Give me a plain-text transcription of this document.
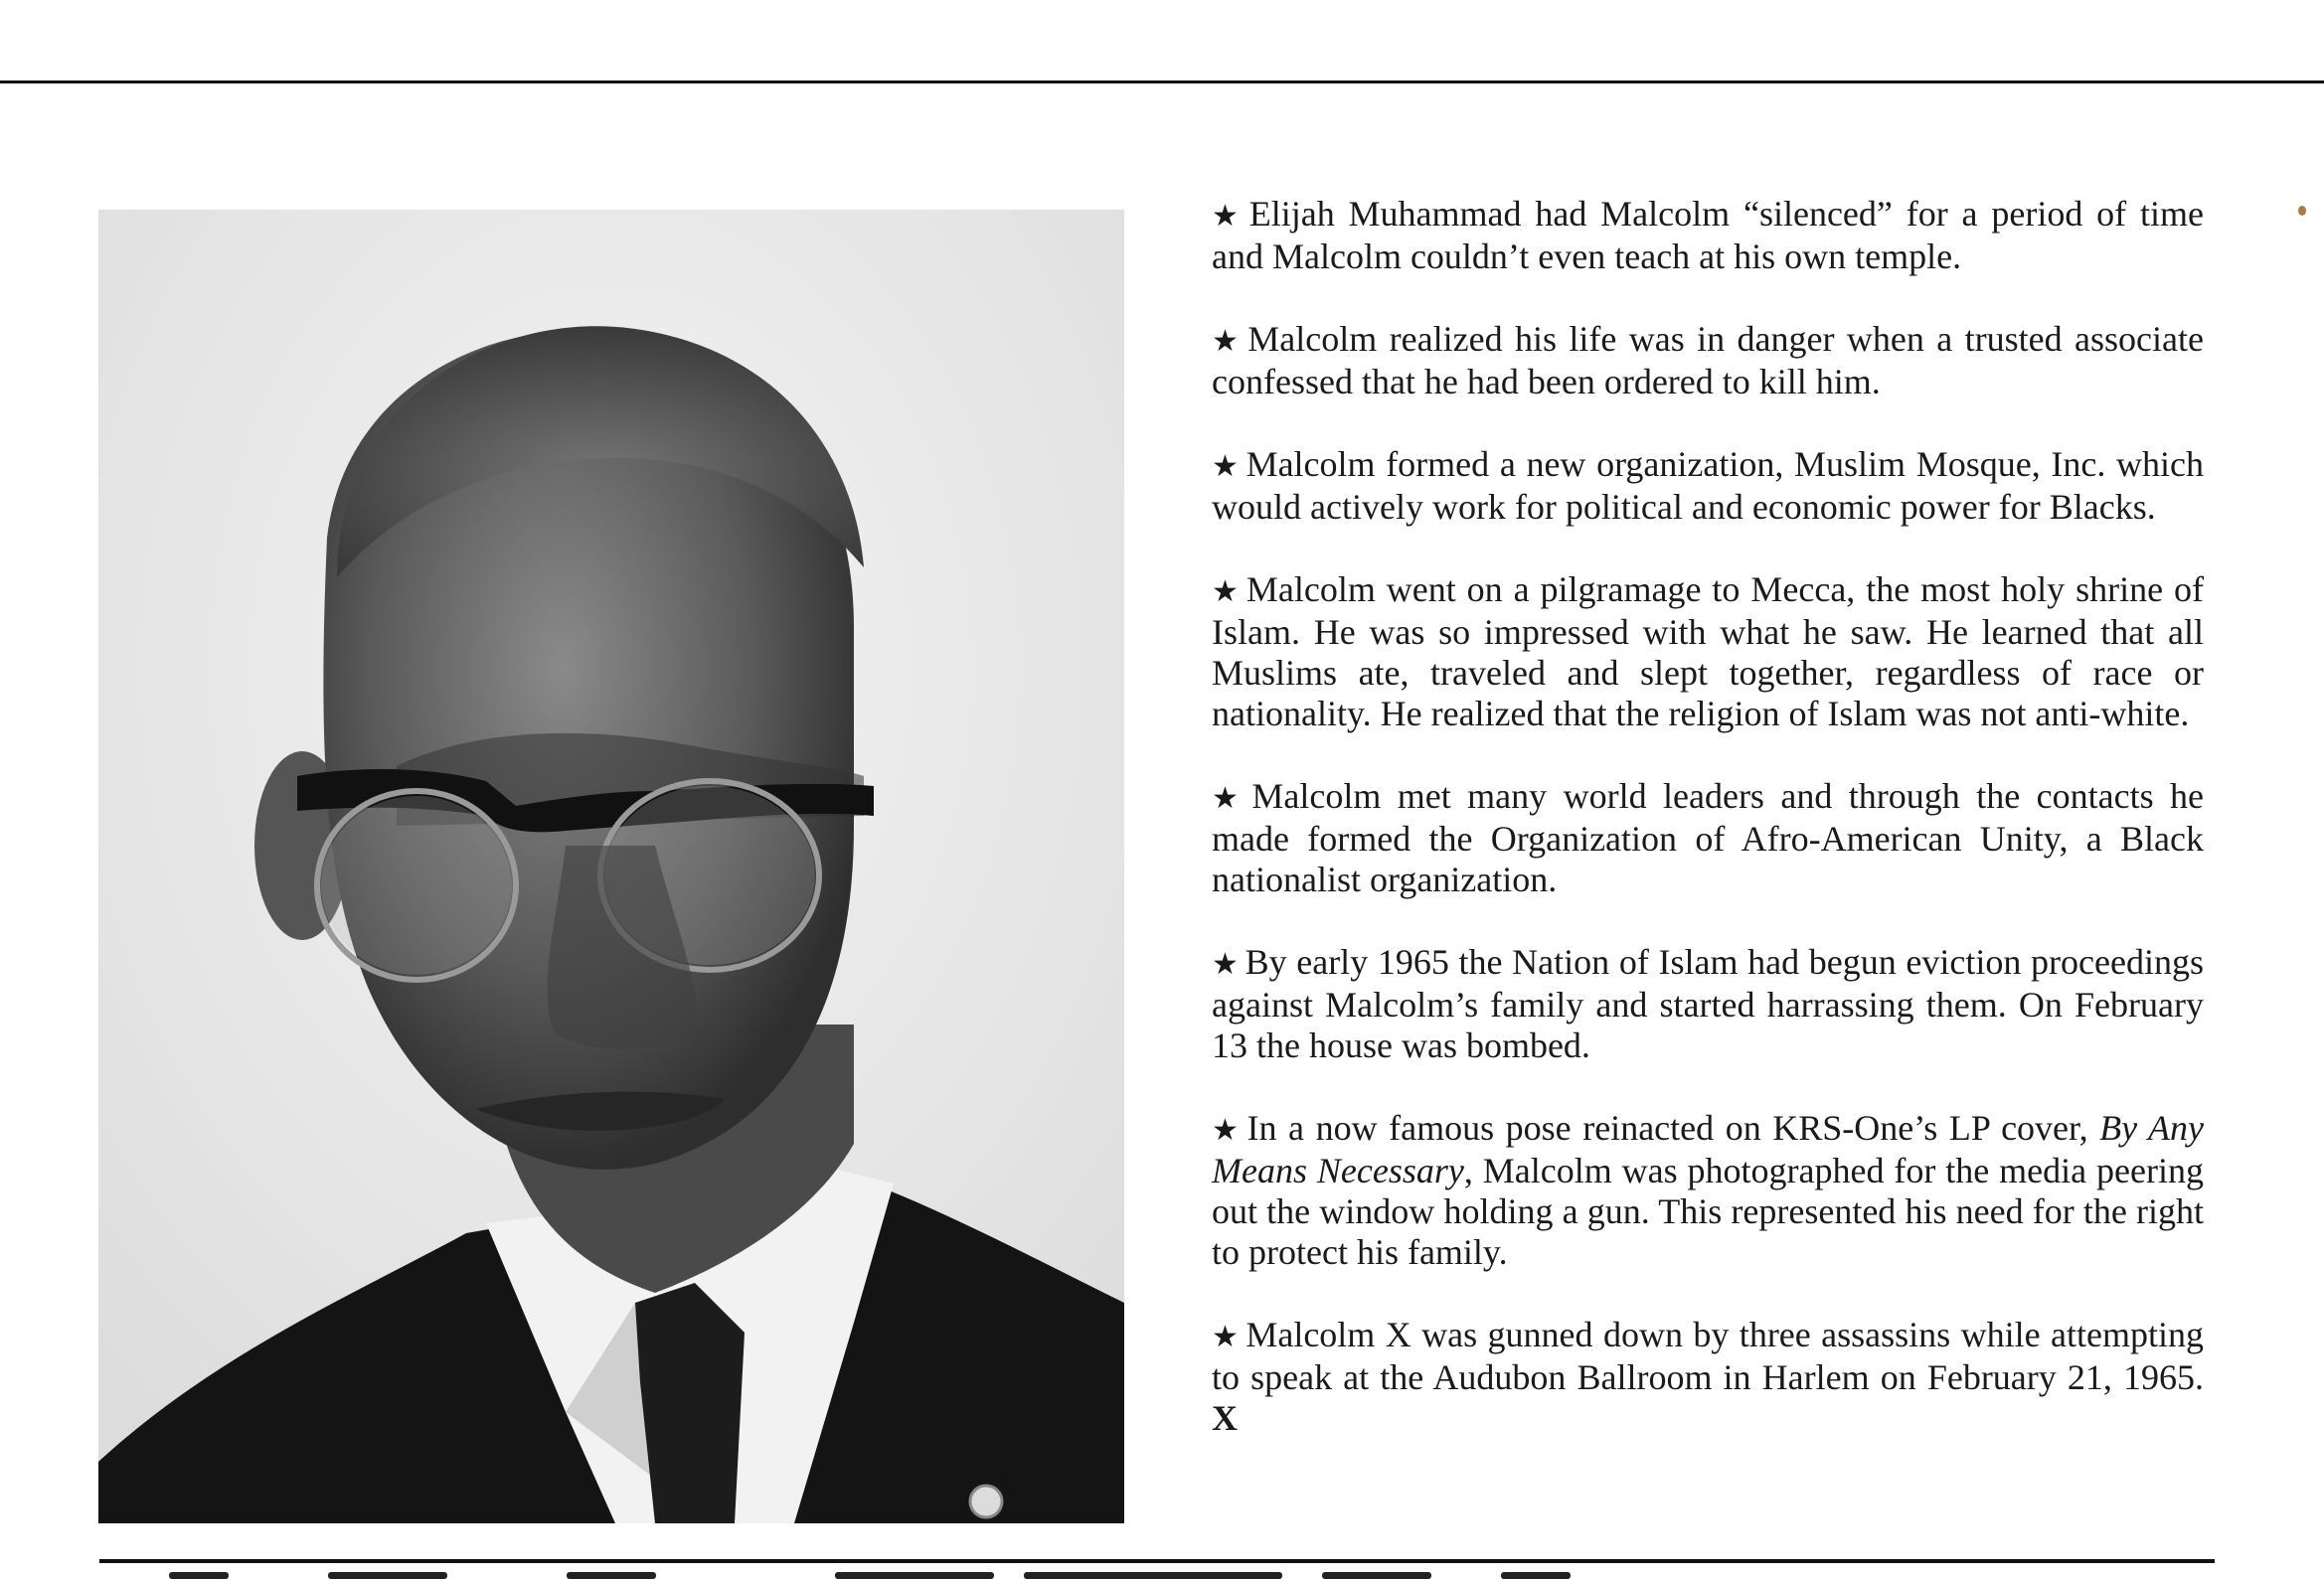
★ Elijah Muhammad had Malcolm “silenced” for a period of time and Malcolm couldn’t even teach at his own temple.

★ Malcolm realized his life was in danger when a trusted associate confessed that he had been ordered to kill him.

★ Malcolm formed a new organization, Muslim Mosque, Inc. which would actively work for political and economic power for Blacks.

★ Malcolm went on a pilgramage to Mecca, the most holy shrine of Islam. He was so impressed with what he saw. He learned that all Muslims ate, traveled and slept together, regardless of race or nationality. He realized that the religion of Islam was not anti-white.

★ Malcolm met many world leaders and through the contacts he made formed the Organization of Afro-American Unity, a Black nationalist organization.

★ By early 1965 the Nation of Islam had begun eviction proceedings against Malcolm’s family and started harrassing them. On February 13 the house was bombed.

★ In a now famous pose reinacted on KRS-One’s LP cover, By Any Means Necessary, Malcolm was photographed for the media peering out the window holding a gun. This represented his need for the right to protect his family.

★ Malcolm X was gunned down by three assassins while attempting to speak at the Audubon Ballroom in Harlem on February 21, 1965. X
